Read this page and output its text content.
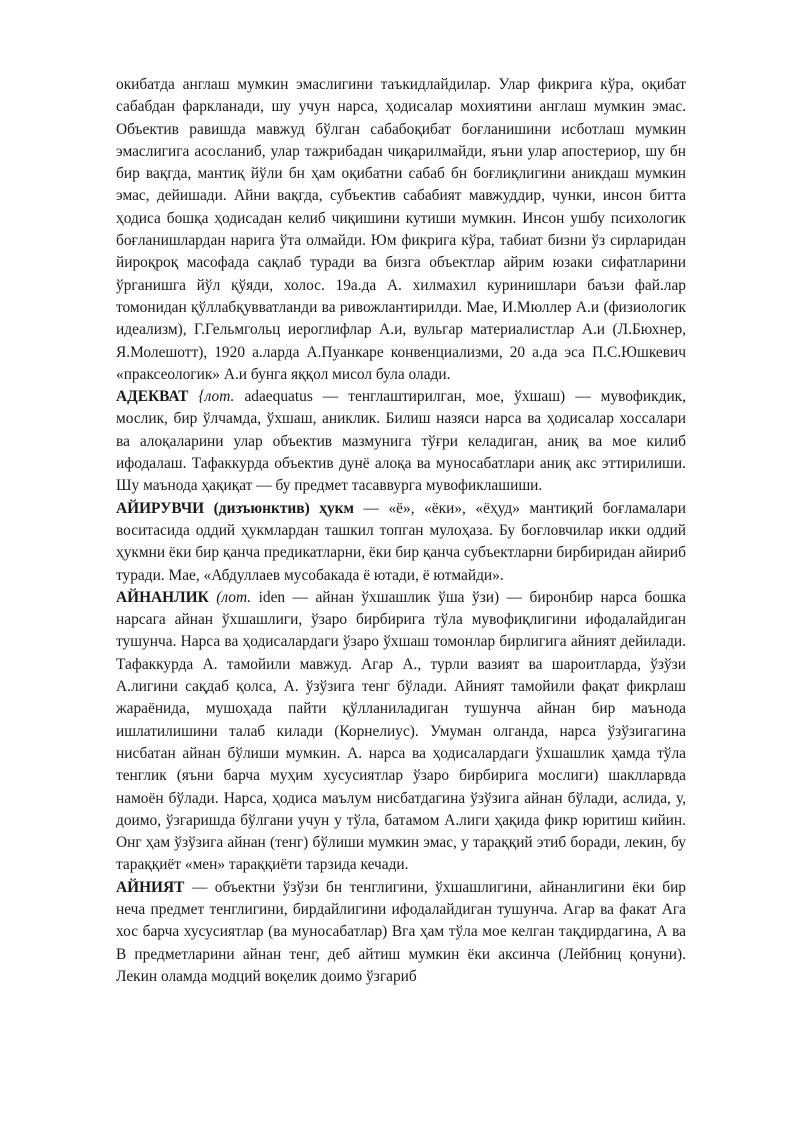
окибатда англаш мумкин эмаслигини таъкидлайдилар. Улар фикрига кўра, оқибат сабабдан фаркланади, шу учун нарса, ҳодисалар мохиятини англаш мумкин эмас. Объектив равишда мавжуд бўлган сабабоқибат боғланишини исботлаш мумкин эмаслигига асосланиб, улар тажрибадан чиқарилмайди, яъни улар апостериор, шу бн бир вақгда, мантиқ йўли бн ҳам оқибатни сабаб бн боғлиқлигини аникдаш мумкин эмас, дейишади. Айни вақгда, субъектив сабабият мавжуддир, чунки, инсон битта ҳодиса бошқа ҳодисадан келиб чиқишини кутиши мумкин. Инсон ушбу психологик боғланишлардан нарига ўта олмайди. Юм фикрига кўра, табиат бизни ўз сирларидан йироқроқ масофада сақлаб туради ва бизга объектлар айрим юзаки сифатларини ўрганишга йўл қўяди, холос. 19а.да А. хилмахил куринишлари баъзи фай.лар томонидан қўллабқувватланди ва ривожлантирилди. Мае, И.Мюллер А.и (физиологик идеализм), Г.Гельмгольц иероглифлар А.и, вульгар материалистлар А.и (Л.Бюхнер, Я.Молешотт), 1920 а.ларда А.Пуанкаре конвенциализми, 20 а.да эса П.С.Юшкевич «праксеологик» А.и бунга яққол мисол була олади.

АДЕКВАТ {лот. adaequatus — тенглаштирилган, мое, ўхшаш) — мувофикдик, мослик, бир ўлчамда, ўхшаш, аниклик. Билиш назяси нарса ва ҳодисалар хоссалари ва алоқаларини улар объектив мазмунига тўғри келадиган, аниқ ва мое килиб ифодалаш. Тафаккурда объектив дунё алоқа ва муносабатлари аниқ акс эттирилиши. Шу маънода ҳақиқат — бу предмет тасаввурга мувофиклашиши.

АЙИРУВЧИ (дизъюнктив) ҳукм — «ё», «ёки», «ёҳуд» мантиқий боғламалари воситасида оддий ҳукмлардан ташкил топган мулоҳаза. Бу боғловчилар икки оддий ҳукмни ёки бир қанча предикатларни, ёки бир қанча субъектларни бирбиридан айириб туради. Мае, «Абдуллаев мусобакада ё ютади, ё ютмайди».

АЙНАНЛИК (лот. iden — айнан ўхшашлик ўша ўзи) — биронбир нарса бошка нарсага айнан ўхшашлиги, ўзаро бирбирига тўла мувофиқлигини ифодалайдиган тушунча. Нарса ва ҳодисалардаги ўзаро ўхшаш томонлар бирлигига айният дейилади. Тафаккурда А. тамойили мавжуд. Агар А., турли вазият ва шароитларда, ўзўзи А.лигини сақдаб қолса, А. ўзўзига тенг бўлади. Айният тамойили фақат фикрлаш жараёнида, мушоҳада пайти қўлланиладиган тушунча айнан бир маънода ишлатилишини талаб килади (Корнелиус). Умуман олганда, нарса ўзўзигагина нисбатан айнан бўлиши мумкин. А. нарса ва ҳодисалардаги ўхшашлик ҳамда тўла тенглик (яъни барча муҳим хусусиятлар ўзаро бирбирига мослиги) шаклларвда намоён бўлади. Нарса, ҳодиса маълум нисбатдагина ўзўзига айнан бўлади, аслида, у, доимо, ўзгаришда бўлгани учун у тўла, батамом А.лиги ҳақида фикр юритиш кийин. Онг ҳам ўзўзига айнан (тенг) бўлиши мумкин эмас, у тараққий этиб боради, лекин, бу тараққиёт «мен» тараққиёти тарзида кечади.

АЙНИЯТ — объектни ўзўзи бн тенглигини, ўхшашлигини, айнанлигини ёки бир неча предмет тенглигини, бирдайлигини ифодалайдиган тушунча. Агар ва факат Ага хос барча хусусиятлар (ва муносабатлар) Вга ҳам тўла мое келган тақдирдагина, А ва В предметларини айнан тенг, деб айтиш мумкин ёки аксинча (Лейбниц қонуни). Лекин оламда модций воқелик доимо ўзгариб
